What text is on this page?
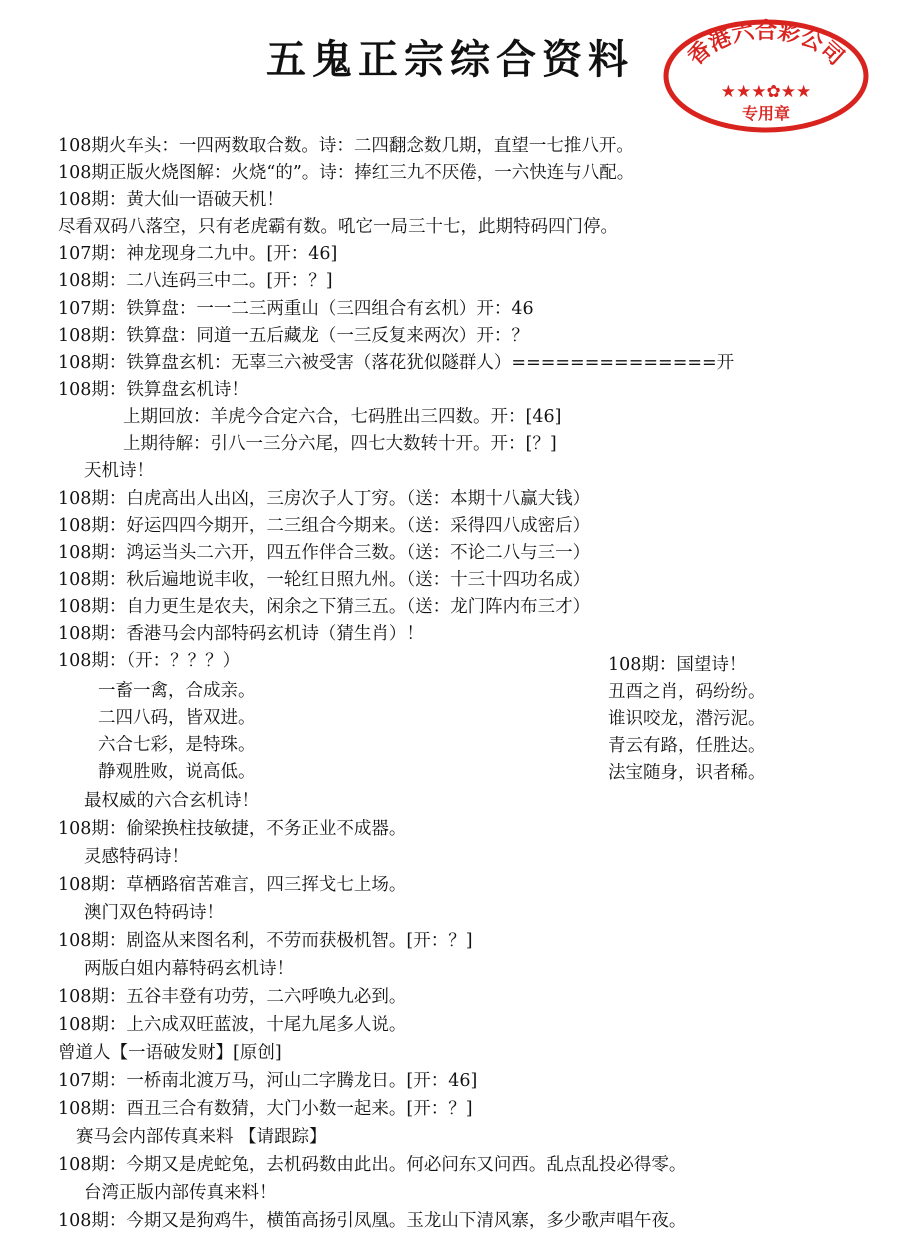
五鬼正宗综合资料	香港六合彩公司
★★★✿★★
专用章
108期火车头：一四两数取合数。诗：二四翻念数几期，直望一七推八开。
108期正版火烧图解：火烧“的”。诗：捧红三九不厌倦，一六快连与八配。
108期：黄大仙一语破天机！
尽看双码八落空，只有老虎霸有数。吼它一局三十七，此期特码四门停。
107期：神龙现身二九中。[开：46]
108期：二八连码三中二。[开：？]
107期：铁算盘：一一二三两重山（三四组合有玄机）开：46
108期：铁算盘：同道一五后藏龙（一三反复来两次）开：？
108期：铁算盘玄机：无辜三六被受害（落花犹似隧群人）==============开
108期：铁算盘玄机诗！
上期回放：羊虎今合定六合，七码胜出三四数。开：[46]
上期待解：引八一三分六尾，四七大数转十开。开：[？]
天机诗！
108期：白虎高出人出凶，三房次子人丁穷。（送：本期十八赢大钱）
108期：好运四四今期开，二三组合今期来。（送：采得四八成密后）
108期：鸿运当头二六开，四五作伴合三数。（送：不论二八与三一）
108期：秋后遍地说丰收，一轮红日照九州。（送：十三十四功名成）
108期：自力更生是农夫，闲余之下猜三五。（送：龙门阵内布三才）
108期：香港马会内部特码玄机诗（猜生肖）！
108期：（开：？？？）
一畜一禽，合成亲。
二四八码，皆双进。
六合七彩，是特珠。
静观胜败，说高低。
最权威的六合玄机诗！
108期：偷梁换柱技敏捷，不务正业不成器。
灵感特码诗！
108期：草栖路宿苦难言，四三挥戈七上场。
澳门双色特码诗！
108期：剧盗从来图名利，不劳而获极机智。[开：？]
两版白姐内幕特码玄机诗！
108期：五谷丰登有功劳，二六呼唤九必到。
108期：上六成双旺蓝波，十尾九尾多人说。
曾道人【一语破发财】[原创]
107期：一桥南北渡万马，河山二字腾龙日。[开：46]
108期：酉丑三合有数猜，大门小数一起来。[开：？]
赛马会内部传真来料 【请跟踪】
108期：今期又是虎蛇兔，去机码数由此出。何必问东又问西。乱点乱投必得零。
台湾正版内部传真来料！
108期：今期又是狗鸡牛，横笛高扬引凤凰。玉龙山下清风寨，多少歌声唱午夜。
108期：国望诗！
丑酉之肖，码纷纷。
谁识咬龙，潜污泥。
青云有路，任胜达。
法宝随身，识者稀。
